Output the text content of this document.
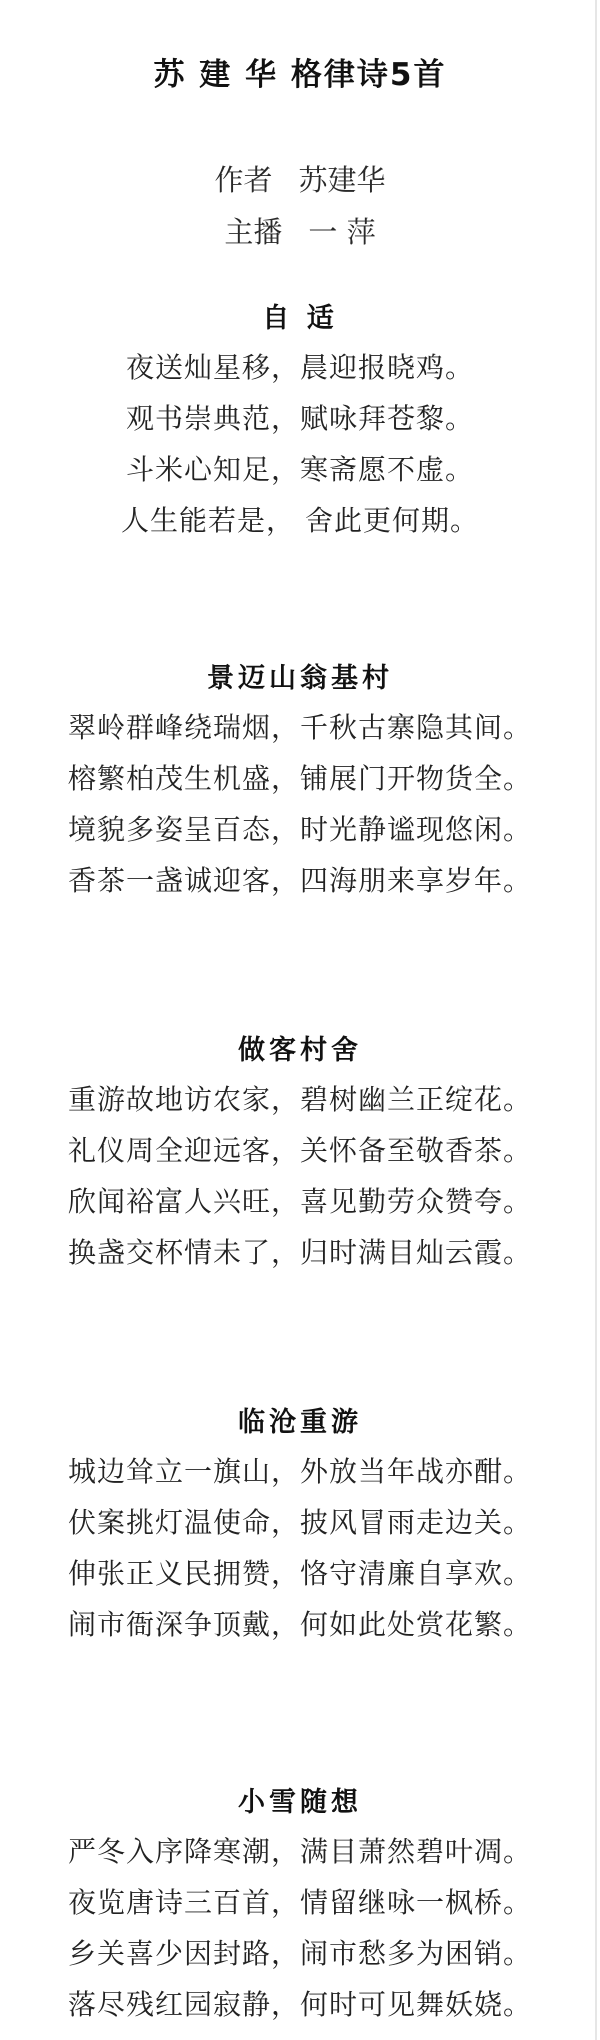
苏 建 华 格律诗5首
作者 苏建华
主播 一 萍
自 适
夜送灿星移，晨迎报晓鸡。
观书崇典范，赋咏拜苍黎。
斗米心知足，寒斋愿不虚。
人生能若是， 舍此更何期。
景迈山翁基村
翠岭群峰绕瑞烟，千秋古寨隐其间。
榕繁柏茂生机盛，铺展门开物货全。
境貌多姿呈百态，时光静谧现悠闲。
香茶一盏诚迎客，四海朋来享岁年。
做客村舍
重游故地访农家，碧树幽兰正绽花。
礼仪周全迎远客，关怀备至敬香茶。
欣闻裕富人兴旺，喜见勤劳众赞夸。
换盏交杯情未了，归时满目灿云霞。
临沧重游
城边耸立一旗山，外放当年战亦酣。
伏案挑灯温使命，披风冒雨走边关。
伸张正义民拥赞，恪守清廉自享欢。
闹市衙深争顶戴，何如此处赏花繁。
小雪随想
严冬入序降寒潮，满目萧然碧叶凋。
夜览唐诗三百首，情留继咏一枫桥。
乡关喜少因封路，闹市愁多为困销。
落尽残红园寂静，何时可见舞妖娆。
